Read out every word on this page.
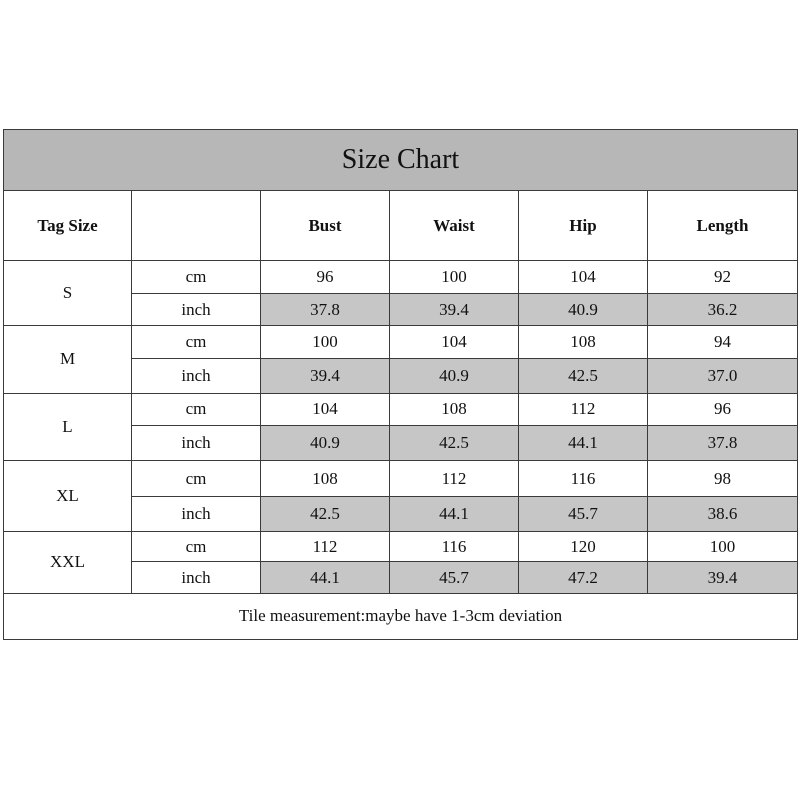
Size Chart					
Tag Size		Bust	Waist	Hip	Length
S	cm	96	100	104	92
	inch	37.8	39.4	40.9	36.2
M	cm	100	104	108	94
	inch	39.4	40.9	42.5	37.0
L	cm	104	108	112	96
	inch	40.9	42.5	44.1	37.8
XL	cm	108	112	116	98
	inch	42.5	44.1	45.7	38.6
XXL	cm	112	116	120	100
	inch	44.1	45.7	47.2	39.4
Tile measurement:maybe have 1-3cm deviation					
